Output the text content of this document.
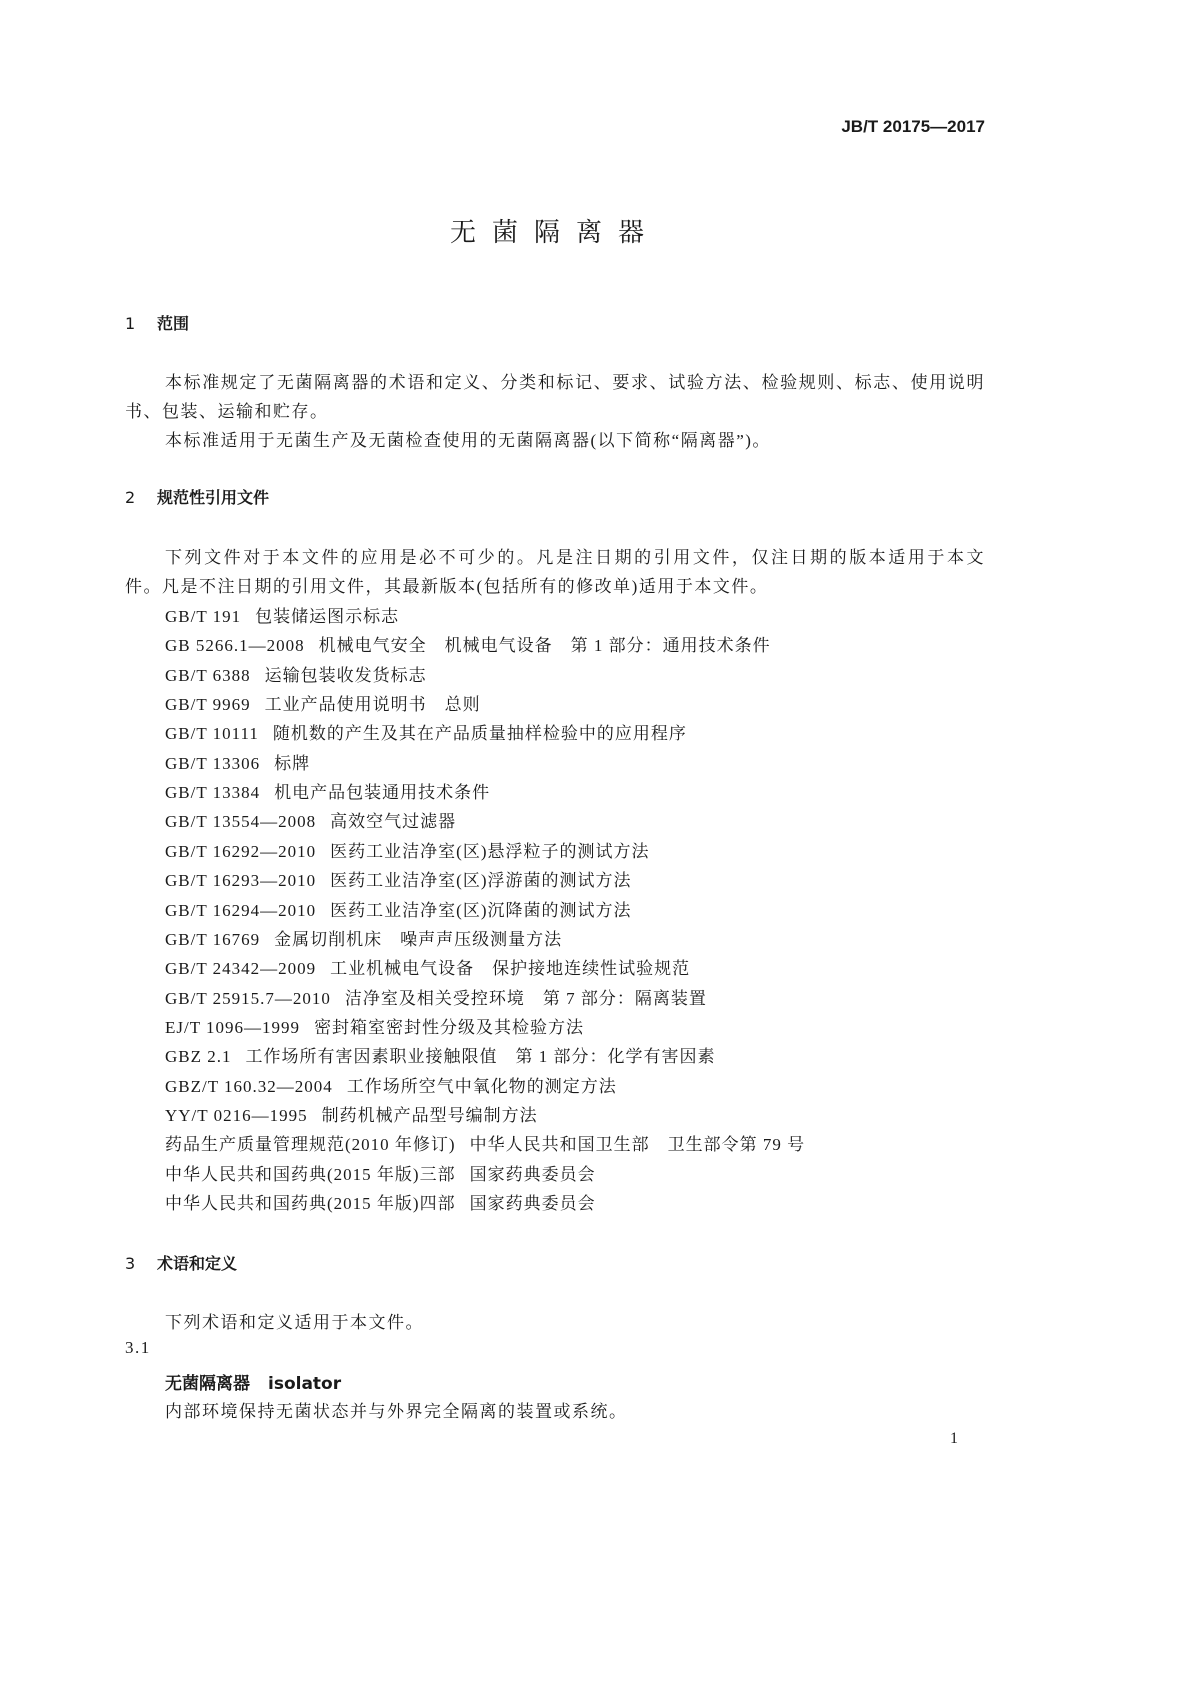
JB/T 20175—2017
无菌隔离器
1 范围
本标准规定了无菌隔离器的术语和定义、分类和标记、要求、试验方法、检验规则、标志、使用说明
书、包装、运输和贮存。
本标准适用于无菌生产及无菌检查使用的无菌隔离器(以下简称“隔离器”)。
2 规范性引用文件
下列文件对于本文件的应用是必不可少的。凡是注日期的引用文件，仅注日期的版本适用于本文
件。凡是不注日期的引用文件，其最新版本(包括所有的修改单)适用于本文件。
GB/T 191 包装储运图示标志
GB 5266.1—2008 机械电气安全　机械电气设备　第 1 部分：通用技术条件
GB/T 6388 运输包装收发货标志
GB/T 9969 工业产品使用说明书　总则
GB/T 10111 随机数的产生及其在产品质量抽样检验中的应用程序
GB/T 13306 标牌
GB/T 13384 机电产品包装通用技术条件
GB/T 13554—2008 高效空气过滤器
GB/T 16292—2010 医药工业洁净室(区)悬浮粒子的测试方法
GB/T 16293—2010 医药工业洁净室(区)浮游菌的测试方法
GB/T 16294—2010 医药工业洁净室(区)沉降菌的测试方法
GB/T 16769 金属切削机床　噪声声压级测量方法
GB/T 24342—2009 工业机械电气设备　保护接地连续性试验规范
GB/T 25915.7—2010 洁净室及相关受控环境　第 7 部分：隔离装置
EJ/T 1096—1999 密封箱室密封性分级及其检验方法
GBZ 2.1 工作场所有害因素职业接触限值　第 1 部分：化学有害因素
GBZ/T 160.32—2004 工作场所空气中氧化物的测定方法
YY/T 0216—1995 制药机械产品型号编制方法
药品生产质量管理规范(2010 年修订) 中华人民共和国卫生部　卫生部令第 79 号
中华人民共和国药典(2015 年版)三部 国家药典委员会
中华人民共和国药典(2015 年版)四部 国家药典委员会
3 术语和定义
下列术语和定义适用于本文件。
3.1
无菌隔离器 isolator
内部环境保持无菌状态并与外界完全隔离的装置或系统。
1
